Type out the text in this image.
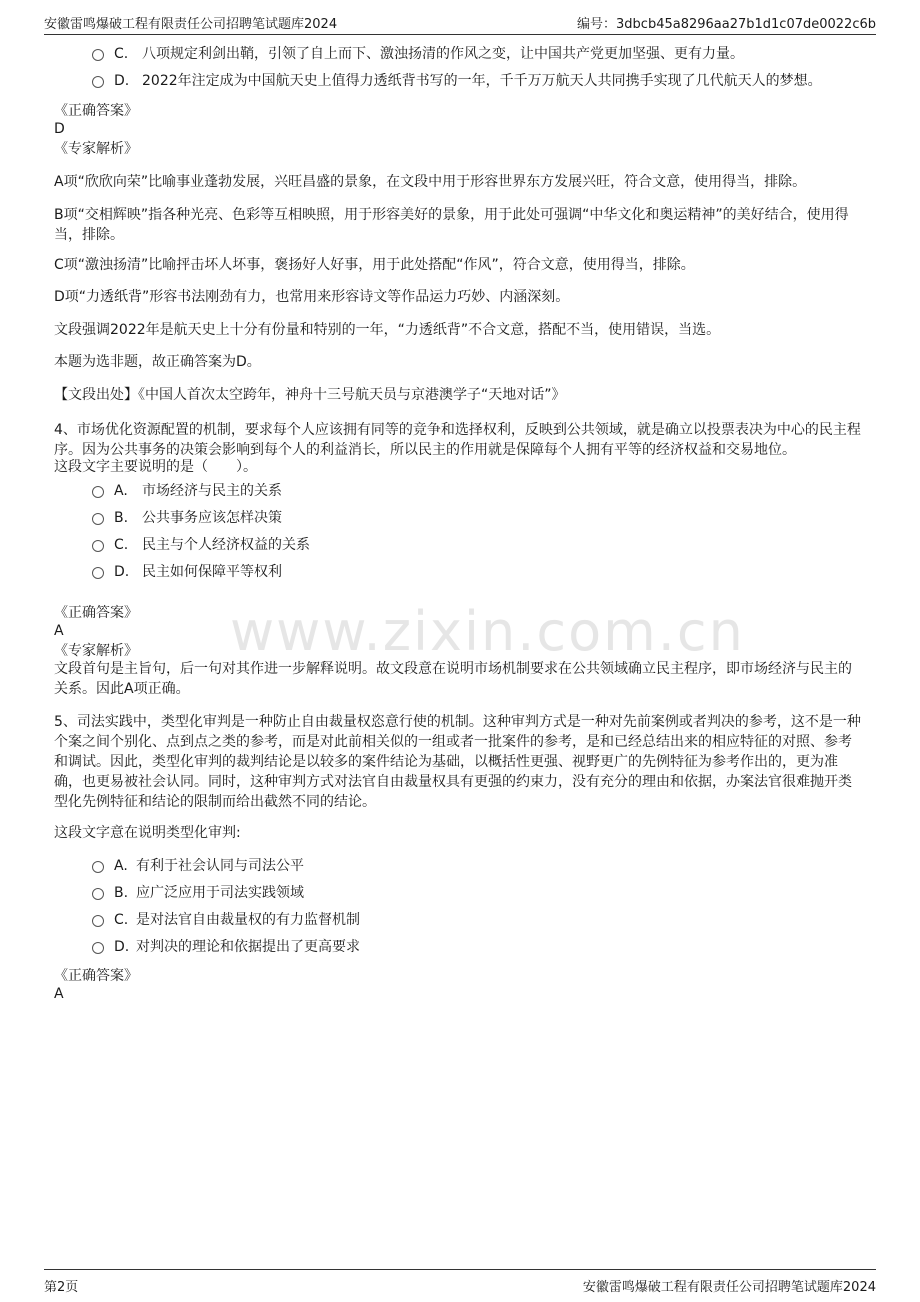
安徽雷鸣爆破工程有限责任公司招聘笔试题库2024	编号：3dbcb45a8296aa27b1d1c07de0022c6b
www.zixin.com.cn
C. 八项规定利剑出鞘，引领了自上而下、激浊扬清的作风之变，让中国共产党更加坚强、更有力量。
D. 2022年注定成为中国航天史上值得力透纸背书写的一年，千千万万航天人共同携手实现了几代航天人的梦想。
《正确答案》
D
《专家解析》
A项“欣欣向荣”比喻事业蓬勃发展，兴旺昌盛的景象，在文段中用于形容世界东方发展兴旺，符合文意，使用得当，排除。
B项“交相辉映”指各种光亮、色彩等互相映照，用于形容美好的景象，用于此处可强调“中华文化和奥运精神”的美好结合，使用得当，排除。
C项“激浊扬清”比喻抨击坏人坏事，褒扬好人好事，用于此处搭配“作风”，符合文意，使用得当，排除。
D项“力透纸背”形容书法刚劲有力，也常用来形容诗文等作品运力巧妙、内涵深刻。
文段强调2022年是航天史上十分有份量和特别的一年，“力透纸背”不合文意，搭配不当，使用错误，当选。
本题为选非题，故正确答案为D。
【文段出处】《中国人首次太空跨年，神舟十三号航天员与京港澳学子“天地对话”》
4、市场优化资源配置的机制，要求每个人应该拥有同等的竞争和选择权利，反映到公共领域，就是确立以投票表决为中心的民主程序。因为公共事务的决策会影响到每个人的利益消长，所以民主的作用就是保障每个人拥有平等的经济权益和交易地位。
这段文字主要说明的是（　　）。
A. 市场经济与民主的关系
B. 公共事务应该怎样决策
C. 民主与个人经济权益的关系
D. 民主如何保障平等权利
《正确答案》
A
《专家解析》
文段首句是主旨句，后一句对其作进一步解释说明。故文段意在说明市场机制要求在公共领域确立民主程序，即市场经济与民主的关系。因此A项正确。
5、司法实践中，类型化审判是一种防止自由裁量权恣意行使的机制。这种审判方式是一种对先前案例或者判决的参考，这不是一种个案之间个别化、点到点之类的参考，而是对此前相关似的一组或者一批案件的参考，是和已经总结出来的相应特征的对照、参考和调试。因此，类型化审判的裁判结论是以较多的案件结论为基础，以概括性更强、视野更广的先例特征为参考作出的，更为准确，也更易被社会认同。同时，这种审判方式对法官自由裁量权具有更强的约束力，没有充分的理由和依据，办案法官很难抛开类型化先例特征和结论的限制而给出截然不同的结论。
这段文字意在说明类型化审判:
A. 有利于社会认同与司法公平
B. 应广泛应用于司法实践领域
C. 是对法官自由裁量权的有力监督机制
D. 对判决的理论和依据提出了更高要求
《正确答案》
A
第2页	安徽雷鸣爆破工程有限责任公司招聘笔试题库2024
